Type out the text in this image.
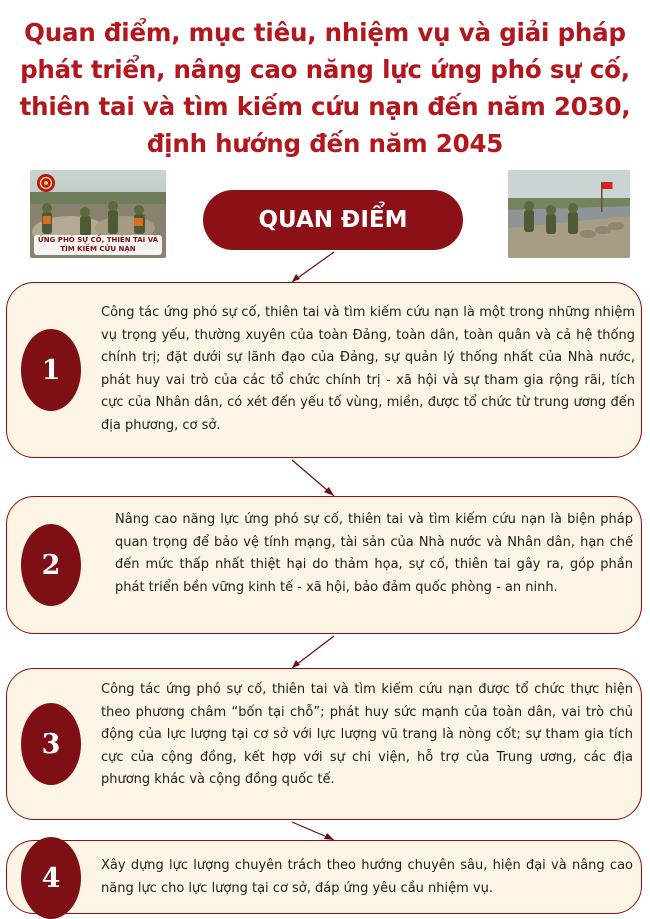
Quan điểm, mục tiêu, nhiệm vụ và giải pháp phát triển, nâng cao năng lực ứng phó sự cố, thiên tai và tìm kiếm cứu nạn đến năm 2030, định hướng đến năm 2045
ỨNG PHÓ SỰ CỐ, THIÊN TAI VÀ TÌM KIẾM CỨU NẠN
QUAN ĐIỂM
1

Công tác ứng phó sự cố, thiên tai và tìm kiếm cứu nạn là một trong những nhiệm vụ trọng yếu, thường xuyên của toàn Đảng, toàn dân, toàn quân và cả hệ thống chính trị; đặt dưới sự lãnh đạo của Đảng, sự quản lý thống nhất của Nhà nước, phát huy vai trò của các tổ chức chính trị - xã hội và sự tham gia rộng rãi, tích cực của Nhân dân, có xét đến yếu tố vùng, miền, được tổ chức từ trung ương đến địa phương, cơ sở.

2

Nâng cao năng lực ứng phó sự cố, thiên tai và tìm kiếm cứu nạn là biện pháp quan trọng để bảo vệ tính mạng, tài sản của Nhà nước và Nhân dân, hạn chế đến mức thấp nhất thiệt hại do thảm họa, sự cố, thiên tai gây ra, góp phần phát triển bền vững kinh tế - xã hội, bảo đảm quốc phòng - an ninh.

3

Công tác ứng phó sự cố, thiên tai và tìm kiếm cứu nạn được tổ chức thực hiện theo phương châm “bốn tại chỗ”; phát huy sức mạnh của toàn dân, vai trò chủ động của lực lượng tại cơ sở với lực lượng vũ trang là nòng cốt; sự tham gia tích cực của cộng đồng, kết hợp với sự chi viện, hỗ trợ của Trung ương, các địa phương khác và cộng đồng quốc tế.

4	Xây dựng lực lượng chuyên trách theo hướng chuyên sâu, hiện đại và nâng cao năng lực cho lực lượng tại cơ sở, đáp ứng yêu cầu nhiệm vụ.
